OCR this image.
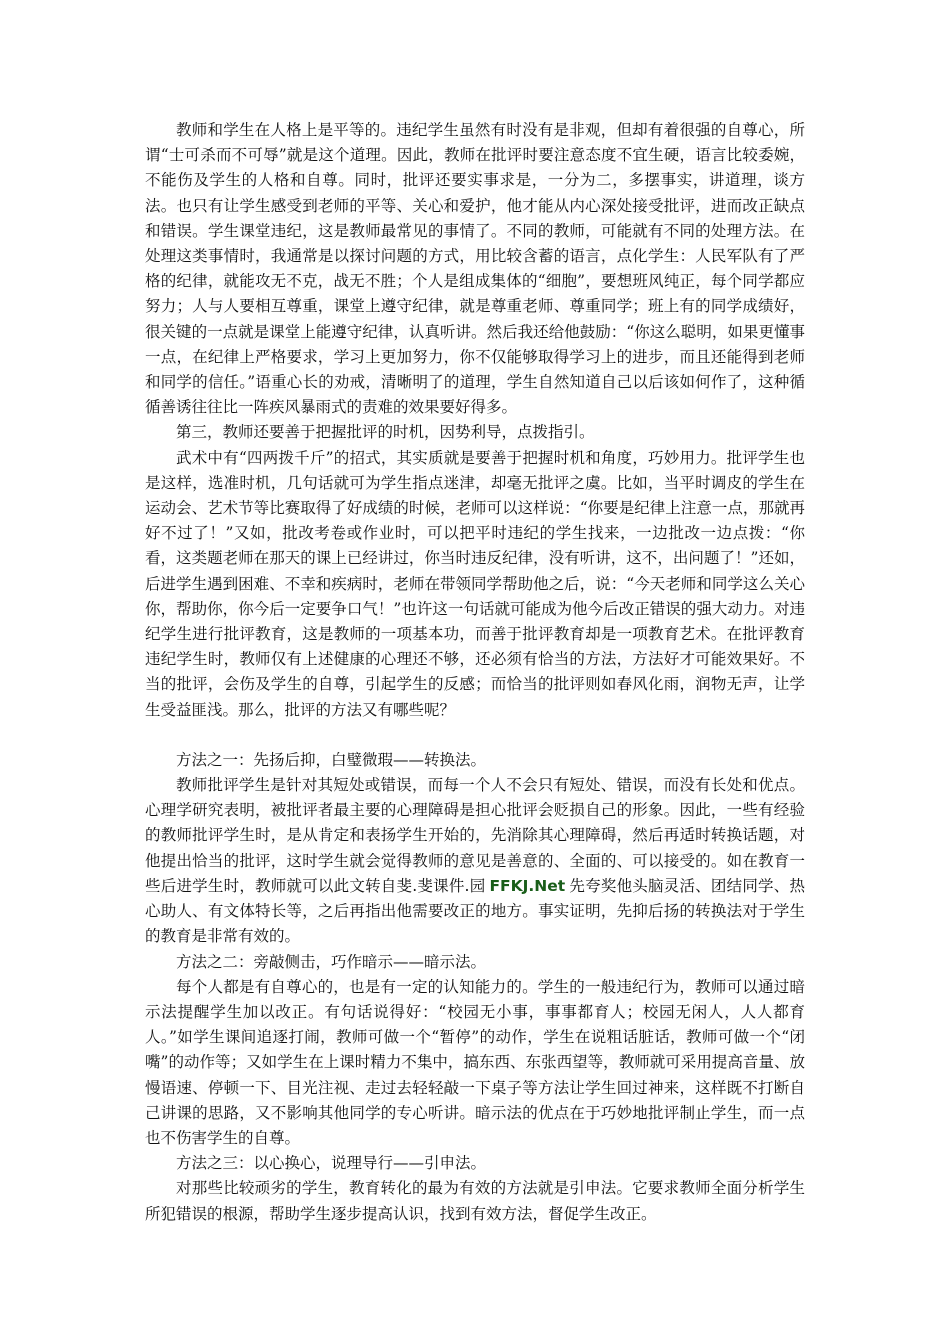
教师和学生在人格上是平等的。违纪学生虽然有时没有是非观，但却有着很强的自尊心，所谓“士可杀而不可辱”就是这个道理。因此，教师在批评时要注意态度不宜生硬，语言比较委婉，不能伤及学生的人格和自尊。同时，批评还要实事求是，一分为二，多摆事实，讲道理，谈方法。也只有让学生感受到老师的平等、关心和爱护，他才能从内心深处接受批评，进而改正缺点和错误。学生课堂违纪，这是教师最常见的事情了。不同的教师，可能就有不同的处理方法。在处理这类事情时，我通常是以探讨问题的方式，用比较含蓄的语言，点化学生：人民军队有了严格的纪律，就能攻无不克，战无不胜；个人是组成集体的“细胞”，要想班风纯正，每个同学都应努力；人与人要相互尊重，课堂上遵守纪律，就是尊重老师、尊重同学；班上有的同学成绩好，很关键的一点就是课堂上能遵守纪律，认真听讲。然后我还给他鼓励：“你这么聪明，如果更懂事一点，在纪律上严格要求，学习上更加努力，你不仅能够取得学习上的进步，而且还能得到老师和同学的信任。”语重心长的劝戒，清晰明了的道理，学生自然知道自己以后该如何作了，这种循循善诱往往比一阵疾风暴雨式的责难的效果要好得多。

第三，教师还要善于把握批评的时机，因势利导，点拨指引。

武术中有“四两拨千斤”的招式，其实质就是要善于把握时机和角度，巧妙用力。批评学生也是这样，选准时机，几句话就可为学生指点迷津，却毫无批评之虞。比如，当平时调皮的学生在运动会、艺术节等比赛取得了好成绩的时候，老师可以这样说：“你要是纪律上注意一点，那就再好不过了！”又如，批改考卷或作业时，可以把平时违纪的学生找来，一边批改一边点拨：“你看，这类题老师在那天的课上已经讲过，你当时违反纪律，没有听讲，这不，出问题了！”还如，后进学生遇到困难、不幸和疾病时，老师在带领同学帮助他之后，说：“今天老师和同学这么关心你，帮助你，你今后一定要争口气！”也许这一句话就可能成为他今后改正错误的强大动力。对违纪学生进行批评教育，这是教师的一项基本功，而善于批评教育却是一项教育艺术。在批评教育违纪学生时，教师仅有上述健康的心理还不够，还必须有恰当的方法，方法好才可能效果好。不当的批评，会伤及学生的自尊，引起学生的反感；而恰当的批评则如春风化雨，润物无声，让学生受益匪浅。那么，批评的方法又有哪些呢？

方法之一：先扬后抑，白璧微瑕——转换法。

教师批评学生是针对其短处或错误，而每一个人不会只有短处、错误，而没有长处和优点。心理学研究表明，被批评者最主要的心理障碍是担心批评会贬损自己的形象。因此，一些有经验的教师批评学生时，是从肯定和表扬学生开始的，先消除其心理障碍，然后再适时转换话题，对他提出恰当的批评，这时学生就会觉得教师的意见是善意的、全面的、可以接受的。如在教育一些后进学生时，教师就可以此文转自斐.斐课件.园 FFKJ.Net 先夸奖他头脑灵活、团结同学、热心助人、有文体特长等，之后再指出他需要改正的地方。事实证明，先抑后扬的转换法对于学生的教育是非常有效的。

方法之二：旁敲侧击，巧作暗示——暗示法。

每个人都是有自尊心的，也是有一定的认知能力的。学生的一般违纪行为，教师可以通过暗示法提醒学生加以改正。有句话说得好：“校园无小事，事事都育人；校园无闲人，人人都育人。”如学生课间追逐打闹，教师可做一个“暂停”的动作，学生在说粗话脏话，教师可做一个“闭嘴”的动作等；又如学生在上课时精力不集中，搞东西、东张西望等，教师就可采用提高音量、放慢语速、停顿一下、目光注视、走过去轻轻敲一下桌子等方法让学生回过神来，这样既不打断自己讲课的思路，又不影响其他同学的专心听讲。暗示法的优点在于巧妙地批评制止学生，而一点也不伤害学生的自尊。

方法之三：以心换心，说理导行——引申法。

对那些比较顽劣的学生，教育转化的最为有效的方法就是引申法。它要求教师全面分析学生所犯错误的根源，帮助学生逐步提高认识，找到有效方法，督促学生改正。
